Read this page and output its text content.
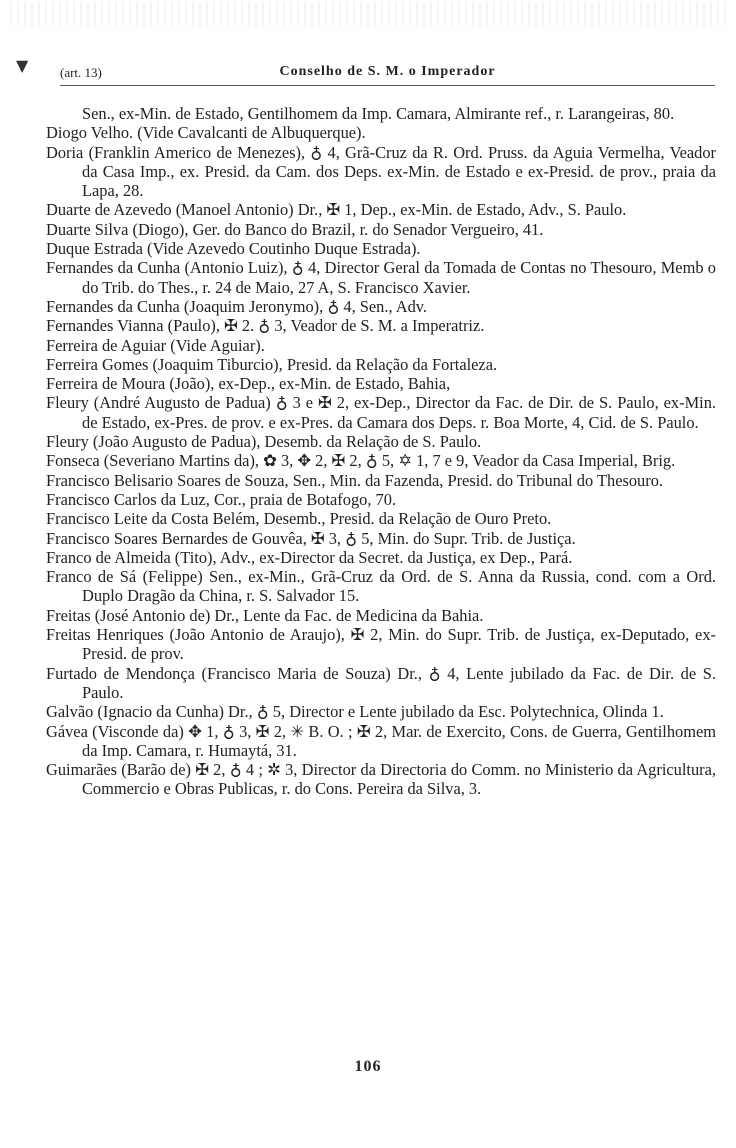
▼ (art. 13)	Conselho de S. M. o Imperador

Sen., ex-Min. de Estado, Gentilhomem da Imp. Camara, Almirante ref., r. Larangeiras, 80.

Diogo Velho. (Vide Cavalcanti de Albuquerque).

Doria (Franklin Americo de Menezes), ♁ 4, Grã-Cruz da R. Ord. Pruss. da Aguia Vermelha, Veador da Casa Imp., ex. Presid. da Cam. dos Deps. ex-Min. de Estado e ex-Presid. de prov., praia da Lapa, 28.

Duarte de Azevedo (Manoel Antonio) Dr., ✠ 1, Dep., ex-Min. de Estado, Adv., S. Paulo.

Duarte Silva (Diogo), Ger. do Banco do Brazil, r. do Senador Vergueiro, 41.

Duque Estrada (Vide Azevedo Coutinho Duque Estrada).

Fernandes da Cunha (Antonio Luiz), ♁ 4, Director Geral da Tomada de Contas no Thesouro, Memb o do Trib. do Thes., r. 24 de Maio, 27 A, S. Francisco Xavier.

Fernandes da Cunha (Joaquim Jeronymo), ♁ 4, Sen., Adv.

Fernandes Vianna (Paulo), ✠ 2. ♁ 3, Veador de S. M. a Imperatriz.

Ferreira de Aguiar (Vide Aguiar).

Ferreira Gomes (Joaquim Tiburcio), Presid. da Relação da Fortaleza.

Ferreira de Moura (João), ex-Dep., ex-Min. de Estado, Bahia,

Fleury (André Augusto de Padua) ♁ 3 e ✠ 2, ex-Dep., Director da Fac. de Dir. de S. Paulo, ex-Min. de Estado, ex-Pres. de prov. e ex-Pres. da Camara dos Deps. r. Boa Morte, 4, Cid. de S. Paulo.

Fleury (João Augusto de Padua), Desemb. da Relação de S. Paulo.

Fonseca (Severiano Martins da), ✿ 3, ✥ 2, ✠ 2, ♁ 5, ✡ 1, 7 e 9, Veador da Casa Imperial, Brig.

Francisco Belisario Soares de Souza, Sen., Min. da Fazenda, Presid. do Tribunal do Thesouro.

Francisco Carlos da Luz, Cor., praia de Botafogo, 70.

Francisco Leite da Costa Belém, Desemb., Presid. da Relação de Ouro Preto.

Francisco Soares Bernardes de Gouvêa, ✠ 3, ♁ 5, Min. do Supr. Trib. de Justiça.

Franco de Almeida (Tito), Adv., ex-Director da Secret. da Justiça, ex Dep., Pará.

Franco de Sá (Felippe) Sen., ex-Min., Grã-Cruz da Ord. de S. Anna da Russia, cond. com a Ord. Duplo Dragão da China, r. S. Salvador 15.

Freitas (José Antonio de) Dr., Lente da Fac. de Medicina da Bahia.

Freitas Henriques (João Antonio de Araujo), ✠ 2, Min. do Supr. Trib. de Justiça, ex-Deputado, ex-Presid. de prov.

Furtado de Mendonça (Francisco Maria de Souza) Dr., ♁ 4, Lente jubilado da Fac. de Dir. de S. Paulo.

Galvão (Ignacio da Cunha) Dr., ♁ 5, Director e Lente jubilado da Esc. Polytechnica, Olinda 1.

Gávea (Visconde da) ✥ 1, ♁ 3, ✠ 2, ✳ B. O. ; ✠ 2, Mar. de Exercito, Cons. de Guerra, Gentilhomem da Imp. Camara, r. Humaytá, 31.

Guimarães (Barão de) ✠ 2, ♁ 4 ; ✲ 3, Director da Directoria do Comm. no Ministerio da Agricultura, Commercio e Obras Publicas, r. do Cons. Pereira da Silva, 3.

106
